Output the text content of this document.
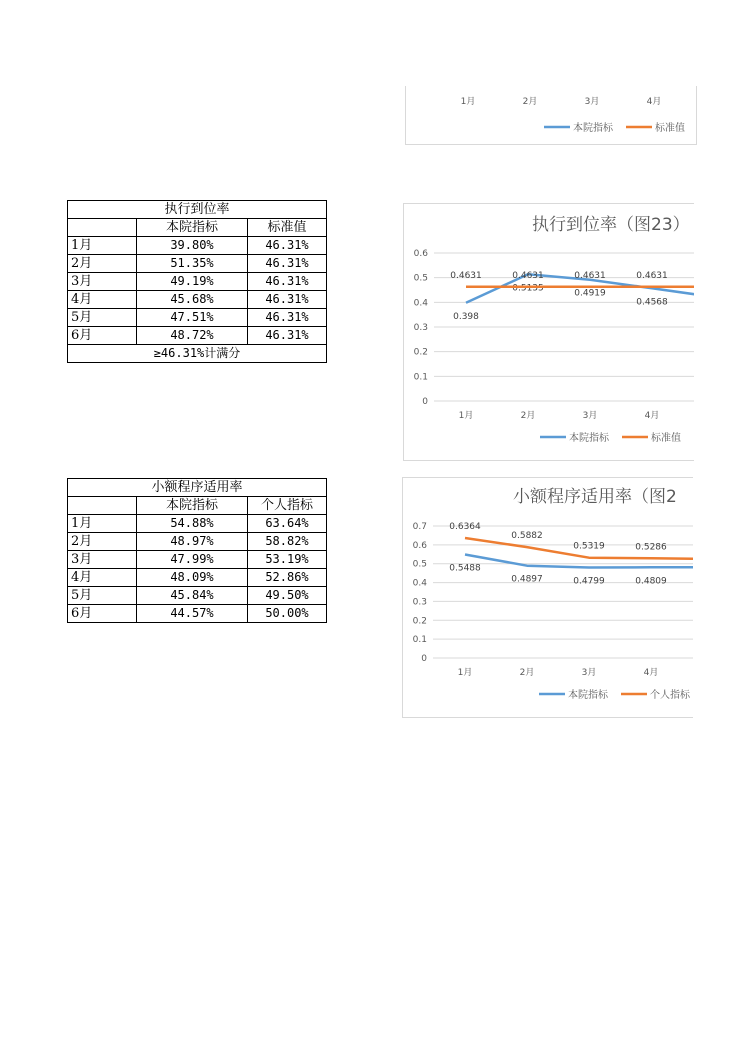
1月	2月	3月	4月
本院指标	标准值
执行到位率		
	本院指标	标准值
1月	39.80%	46.31%
2月	51.35%	46.31%
3月	49.19%	46.31%
4月	45.68%	46.31%
5月	47.51%	46.31%
6月	48.72%	46.31%
≥46.31%计满分		
小额程序适用率		
	本院指标	个人指标
1月	54.88%	63.64%
2月	48.97%	58.82%
3月	47.99%	53.19%
4月	48.09%	52.86%
5月	45.84%	49.50%
6月	44.57%	50.00%
执行到位率（图23）
0
0.1
0.2
0.3
0.4
0.5
0.6
1月	2月	3月	4月
0.398
0.5135
0.4919
0.4568
0.4631	0.4631	0.4631	0.4631
本院指标	标准值
小额程序适用率（图2
0
0.1
0.2
0.3
0.4
0.5
0.6
0.7
1月	2月	3月	4月
0.5488
0.4897	0.4799	0.4809
0.6364
0.5882
0.5319	0.5286
本院指标	个人指标
